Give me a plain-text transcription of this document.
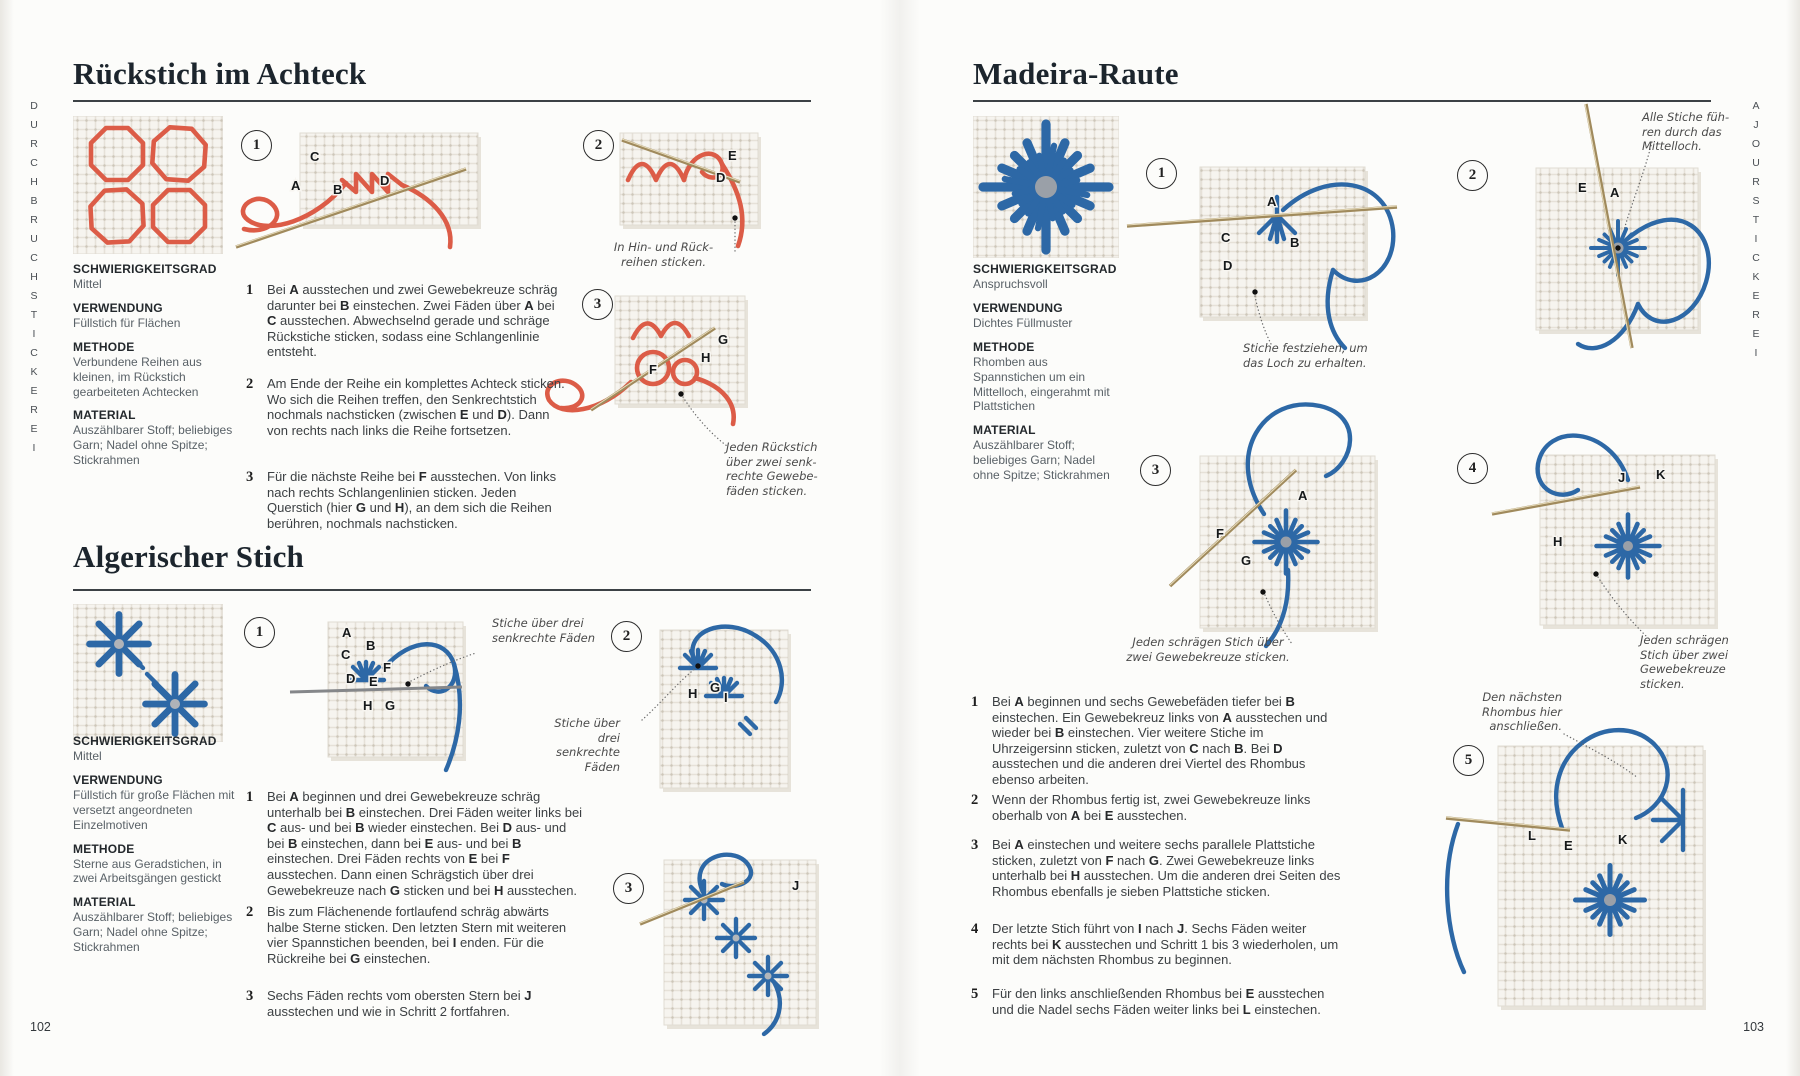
DURCHBRUCHSTICKEREI
102
Rückstich im Achteck
SCHWIERIGKEITSGRAD
Mittel
VERWENDUNG
Füllstich für Flächen
METHODE
Verbundene Reihen aus kleinen, im Rückstich gearbeiteten Achtecken
MATERIAL
Auszählbarer Stoff; beliebiges Garn; Nadel ohne Spitze; Stickrahmen
1
C
A	B
D
2
E
D
In Hin- und Rück-
reihen sticken.
3
G
H
F
Jeden Rückstich
über zwei senk-
rechte Gewebe-
fäden sticken.
1 Bei A ausstechen und zwei Gewebekreuze schräg darunter bei B einstechen. Zwei Fäden über A bei C ausstechen. Abwechselnd gerade und schräge Rückstiche sticken, sodass eine Schlangenlinie entsteht.
2 Am Ende der Reihe ein komplettes Achteck sticken. Wo sich die Reihen treffen, den Senkrechtstich nochmals nachsticken (zwischen E und D). Dann von rechts nach links die Reihe fortsetzen.
3 Für die nächste Reihe bei F ausstechen. Von links nach rechts Schlangenlinien sticken. Jeden Querstich (hier G und H), an dem sich die Reihen berühren, nochmals nachsticken.
Algerischer Stich
SCHWIERIGKEITSGRAD
Mittel
VERWENDUNG
Füllstich für große Flächen mit versetzt angeordneten Einzelmotiven
METHODE
Sterne aus Geradstichen, in zwei Arbeitsgängen gestickt
MATERIAL
Auszählbarer Stoff; beliebiges Garn; Nadel ohne Spitze; Stickrahmen
1	A
B
C
F
D E
H G
Stiche über drei
senkrechte Fäden	2
H G
I
Stiche über
drei senkrechte
Fäden
3	J
1 Bei A beginnen und drei Gewebekreuze schräg unterhalb bei B einstechen. Drei Fäden weiter links bei C aus- und bei B wieder einstechen. Bei D aus- und bei B einstechen, dann bei E aus- und bei B einstechen. Drei Fäden rechts von E bei F ausstechen. Dann einen Schrägstich über drei Gewebekreuze nach G sticken und bei H ausstechen.
2 Bis zum Flächenende fortlaufend schräg abwärts halbe Sterne sticken. Den letzten Stern mit weiteren vier Spannstichen beenden, bei I enden. Für die Rückreihe bei G einstechen.
3 Sechs Fäden rechts vom obersten Stern bei J ausstechen und wie in Schritt 2 fortfahren.
AJOURSTICKEREI
103
Madeira-Raute
SCHWIERIGKEITSGRAD
Anspruchsvoll
VERWENDUNG
Dichtes Füllmuster
METHODE
Rhomben aus Spannstichen um ein Mittelloch, eingerahmt mit Plattstichen
MATERIAL
Auszählbarer Stoff; beliebiges Garn; Nadel ohne Spitze; Stickrahmen
1
C
D
A
B
Stiche festziehen, um
das Loch zu erhalten.
2
E A
Alle Stiche füh-
ren durch das
Mittelloch.
3
A
F
G
Jeden schrägen Stich über
zwei Gewebekreuze sticken.
4
J K
H
Jeden schrägen
Stich über zwei
Gewebekreuze
sticken.
5
L
E	K
Den nächsten
Rhombus hier
anschließen.
1 Bei A beginnen und sechs Gewebefäden tiefer bei B einstechen. Ein Gewebekreuz links von A ausstechen und wieder bei B einstechen. Vier weitere Stiche im Uhrzeigersinn sticken, zuletzt von C nach B. Bei D ausstechen und die anderen drei Viertel des Rhombus ebenso arbeiten.
2 Wenn der Rhombus fertig ist, zwei Gewebekreuze links oberhalb von A bei E ausstechen.
3 Bei A einstechen und weitere sechs parallele Plattstiche sticken, zuletzt von F nach G. Zwei Gewebekreuze links unterhalb bei H ausstechen. Um die anderen drei Seiten des Rhombus ebenfalls je sieben Plattstiche sticken.
4 Der letzte Stich führt von I nach J. Sechs Fäden weiter rechts bei K ausstechen und Schritt 1 bis 3 wiederholen, um mit dem nächsten Rhombus zu beginnen.
5 Für den links anschließenden Rhombus bei E ausstechen und die Nadel sechs Fäden weiter links bei L einstechen.
